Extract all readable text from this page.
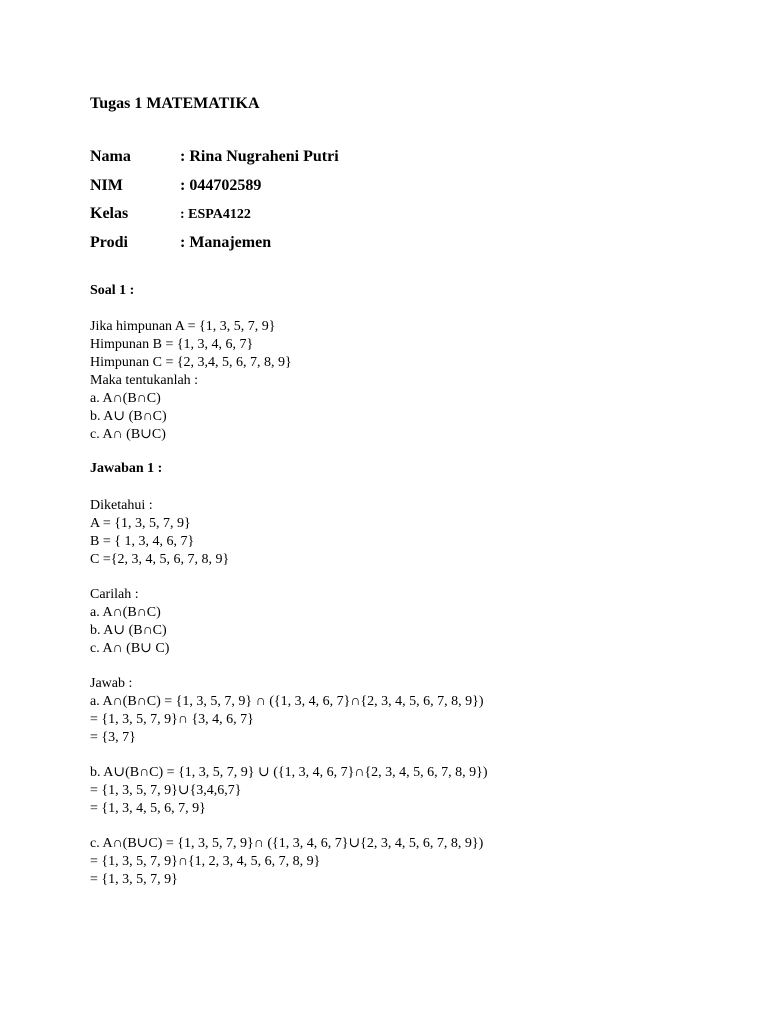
Tugas 1 MATEMATIKA
Nama	: Rina Nugraheni Putri
NIM	: 044702589
Kelas	: ESPA4122
Prodi	: Manajemen
Soal 1 :
Jika himpunan A = {1, 3, 5, 7, 9}
Himpunan B = {1, 3, 4, 6, 7}
Himpunan C = {2, 3,4, 5, 6, 7, 8, 9}
Maka tentukanlah :
a. A∩(B∩C)
b. A∪ (B∩C)
c. A∩ (B∪C)
Jawaban 1 :
Diketahui :
A = {1, 3, 5, 7, 9}
B = { 1, 3, 4, 6, 7}
C ={2, 3, 4, 5, 6, 7, 8, 9}
Carilah :
a. A∩(B∩C)
b. A∪ (B∩C)
c. A∩ (B∪ C)
Jawab :
a. A∩(B∩C) = {1, 3, 5, 7, 9} ∩ ({1, 3, 4, 6, 7}∩{2, 3, 4, 5, 6, 7, 8, 9})
= {1, 3, 5, 7, 9}∩ {3, 4, 6, 7}
= {3, 7}
b. A∪(B∩C) = {1, 3, 5, 7, 9} ∪ ({1, 3, 4, 6, 7}∩{2, 3, 4, 5, 6, 7, 8, 9})
= {1, 3, 5, 7, 9}∪{3,4,6,7}
= {1, 3, 4, 5, 6, 7, 9}
c. A∩(B∪C) = {1, 3, 5, 7, 9}∩ ({1, 3, 4, 6, 7}∪{2, 3, 4, 5, 6, 7, 8, 9})
= {1, 3, 5, 7, 9}∩{1, 2, 3, 4, 5, 6, 7, 8, 9}
= {1, 3, 5, 7, 9}
